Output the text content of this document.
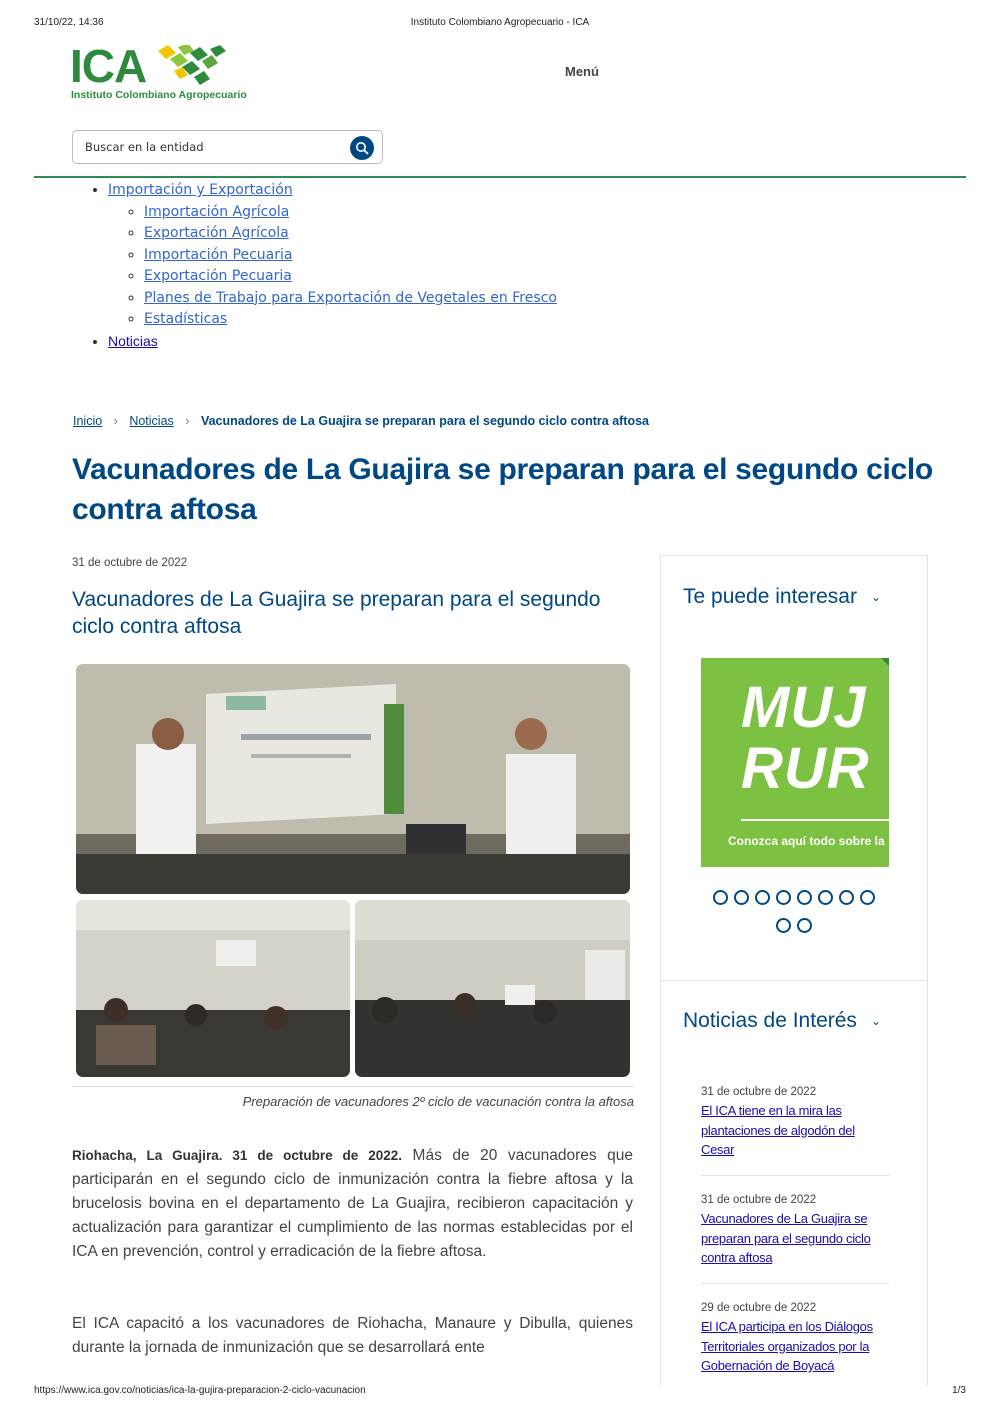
31/10/22, 14:36	Instituto Colombiano Agropecuario - ICA
ICA
Instituto Colombiano Agropecuario
Menú
Buscar en la entidad
• Importación y Exportación
◦ Importación Agrícola
◦ Exportación Agrícola
◦ Importación Pecuaria
◦ Exportación Pecuaria
◦ Planes de Trabajo para Exportación de Vegetales en Fresco
◦ Estadísticas
• Noticias
Inicio › Noticias › Vacunadores de La Guajira se preparan para el segundo ciclo contra aftosa
Vacunadores de La Guajira se preparan para el segundo ciclo contra aftosa
31 de octubre de 2022
Vacunadores de La Guajira se preparan para el segundo ciclo contra aftosa
Preparación de vacunadores 2º ciclo de vacunación contra la aftosa

Riohacha, La Guajira. 31 de octubre de 2022. Más de 20 vacunadores que participarán en el segundo ciclo de inmunización contra la fiebre aftosa y la brucelosis bovina en el departamento de La Guajira, recibieron capacitación y actualización para garantizar el cumplimiento de las normas establecidas por el ICA en prevención, control y erradicación de la fiebre aftosa.

El ICA capacitó a los vacunadores de Riohacha, Manaure y Dibulla, quienes durante la jornada de inmunización que se desarrollará ente

Te puede interesar ⌄
MUJ
RUR
Conozca aquí todo sobre la
Noticias de Interés ⌄
31 de octubre de 2022
El ICA tiene en la mira las plantaciones de algodón del Cesar
31 de octubre de 2022
Vacunadores de La Guajira se preparan para el segundo ciclo contra aftosa
29 de octubre de 2022
El ICA participa en los Diálogos Territoriales organizados por la Gobernación de Boyacá
https://www.ica.gov.co/noticias/ica-la-gujira-preparacion-2-ciclo-vacunacion	1/3
